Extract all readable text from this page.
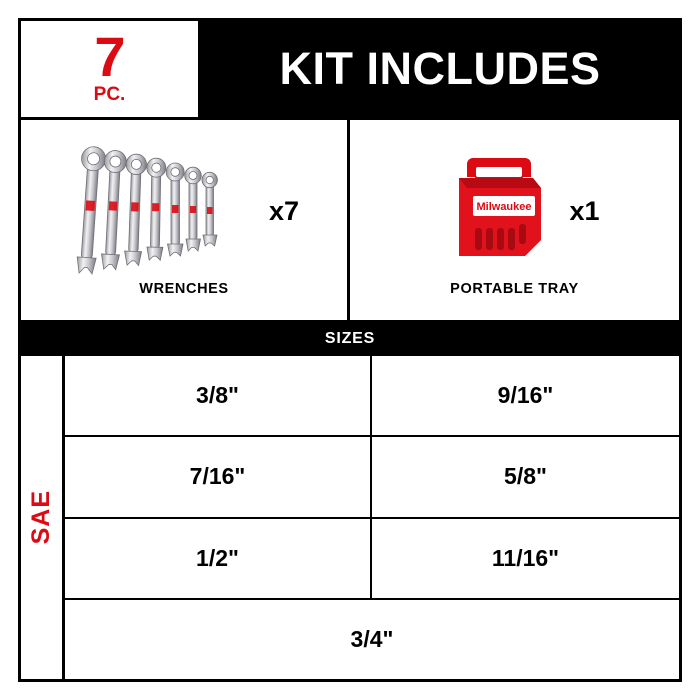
7
PC.
KIT INCLUDES
x7
WRENCHES
Milwaukee x1
PORTABLE TRAY
SIZES
SAE
3/8"	9/16"
7/16"	5/8"
1/2"	11/16"
3/4"
